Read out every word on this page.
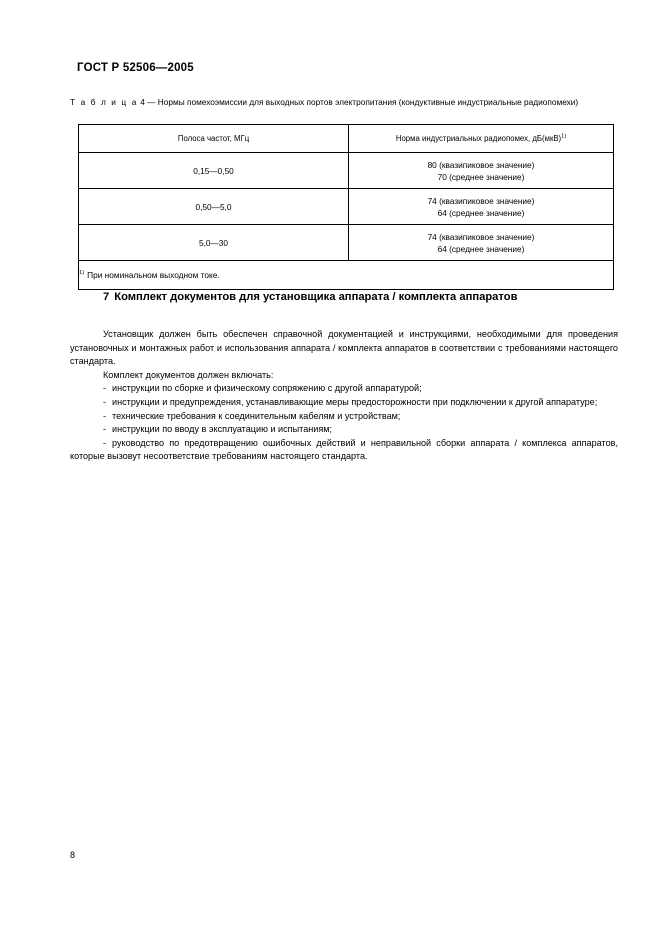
ГОСТ Р 52506—2005
Т а б л и ц а 4 — Нормы помехоэмиссии для выходных портов электропитания (кондуктивные индустриальные радиопомехи)
Полоса частот, МГц	Норма индустриальных радиопомех, дБ(мкВ)$^{1)}$
0,15—0,50	80 (квазипиковое значение)
70 (среднее значение)

0,50—5,0	74 (квазипиковое значение)
64 (среднее значение)

5,0—30	74 (квазипиковое значение)
64 (среднее значение)

$^{1)}$ При номинальном выходном токе.	
7 Комплект документов для установщика аппарата / комплекта аппаратов

Установщик должен быть обеспечен справочной документацией и инструкциями, необходимыми для проведения установочных и монтажных работ и использования аппарата / комплекта аппаратов в соответствии с требованиями настоящего стандарта.

Комплект документов должен включать:

- инструкции по сборке и физическому сопряжению с другой аппаратурой;
- инструкции и предупреждения, устанавливающие меры предосторожности при подключении к другой аппаратуре;
- технические требования к соединительным кабелям и устройствам;
- инструкции по вводу в эксплуатацию и испытаниям;
- руководство по предотвращению ошибочных действий и неправильной сборки аппарата / комплекса аппаратов, которые вызовут несоответствие требованиям настоящего стандарта.
8
